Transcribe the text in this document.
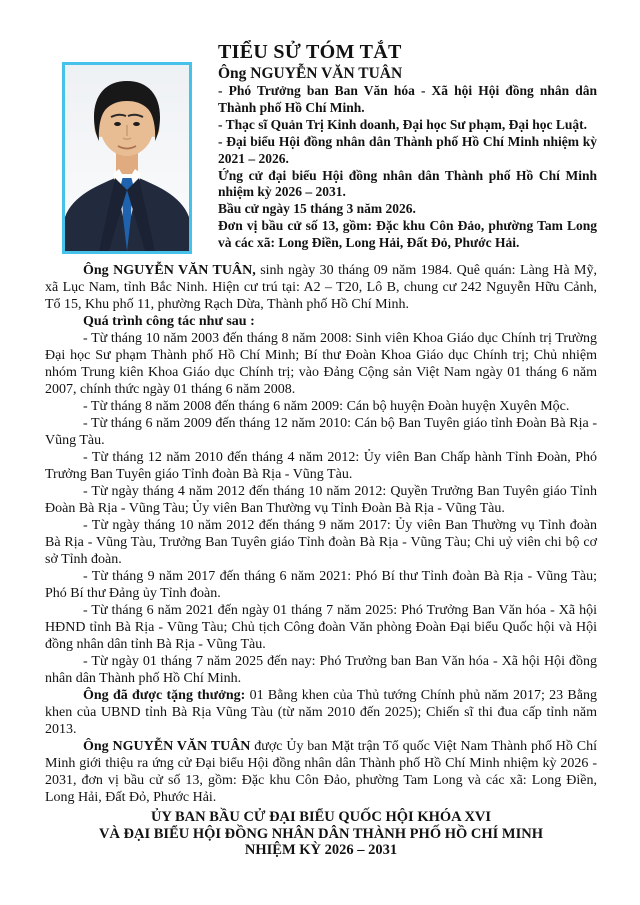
TIỂU SỬ TÓM TẮT
Ông NGUYỄN VĂN TUÂN
- Phó Trưởng ban Ban Văn hóa - Xã hội Hội đồng nhân dân Thành phố Hồ Chí Minh.
- Thạc sĩ Quản Trị Kinh doanh, Đại học Sư phạm, Đại học Luật.
- Đại biểu Hội đồng nhân dân Thành phố Hồ Chí Minh nhiệm kỳ 2021 – 2026.
Ứng cử đại biểu Hội đồng nhân dân Thành phố Hồ Chí Minh nhiệm kỳ 2026 – 2031.
Bầu cử ngày 15 tháng 3 năm 2026.
Đơn vị bầu cử số 13, gồm: Đặc khu Côn Đảo, phường Tam Long và các xã: Long Điền, Long Hải, Đất Đỏ, Phước Hải.

Ông NGUYỄN VĂN TUÂN, sinh ngày 30 tháng 09 năm 1984. Quê quán: Làng Hà Mỹ, xã Lục Nam, tỉnh Bắc Ninh. Hiện cư trú tại: A2 – T20, Lô B, chung cư 242 Nguyễn Hữu Cảnh, Tổ 15, Khu phố 11, phường Rạch Dừa, Thành phố Hồ Chí Minh.

Quá trình công tác như sau :

- Từ tháng 10 năm 2003 đến tháng 8 năm 2008: Sinh viên Khoa Giáo dục Chính trị Trường Đại học Sư phạm Thành phố Hồ Chí Minh; Bí thư Đoàn Khoa Giáo dục Chính trị; Chủ nhiệm nhóm Trung kiên Khoa Giáo dục Chính trị; vào Đảng Cộng sản Việt Nam ngày 01 tháng 6 năm 2007, chính thức ngày 01 tháng 6 năm 2008.

- Từ tháng 8 năm 2008 đến tháng 6 năm 2009: Cán bộ huyện Đoàn huyện Xuyên Mộc.

- Từ tháng 6 năm 2009 đến tháng 12 năm 2010: Cán bộ Ban Tuyên giáo tỉnh Đoàn Bà Rịa - Vũng Tàu.

- Từ tháng 12 năm 2010 đến tháng 4 năm 2012: Ủy viên Ban Chấp hành Tỉnh Đoàn, Phó Trưởng Ban Tuyên giáo Tỉnh đoàn Bà Rịa - Vũng Tàu.

- Từ ngày tháng 4 năm 2012 đến tháng 10 năm 2012: Quyền Trưởng Ban Tuyên giáo Tỉnh Đoàn Bà Rịa - Vũng Tàu; Ủy viên Ban Thường vụ Tỉnh Đoàn Bà Rịa - Vũng Tàu.

- Từ ngày tháng 10 năm 2012 đến tháng 9 năm 2017: Ủy viên Ban Thường vụ Tỉnh đoàn Bà Rịa - Vũng Tàu, Trưởng Ban Tuyên giáo Tỉnh đoàn Bà Rịa - Vũng Tàu; Chi uỷ viên chi bộ cơ sở Tỉnh đoàn.

- Từ tháng 9 năm 2017 đến tháng 6 năm 2021: Phó Bí thư Tỉnh đoàn Bà Rịa - Vũng Tàu; Phó Bí thư Đảng ủy Tỉnh đoàn.

- Từ tháng 6 năm 2021 đến ngày 01 tháng 7 năm 2025: Phó Trưởng Ban Văn hóa - Xã hội HĐND tỉnh Bà Rịa - Vũng Tàu; Chủ tịch Công đoàn Văn phòng Đoàn Đại biểu Quốc hội và Hội đồng nhân dân tỉnh Bà Rịa - Vũng Tàu.

- Từ ngày 01 tháng 7 năm 2025 đến nay: Phó Trưởng ban Ban Văn hóa - Xã hội Hội đồng nhân dân Thành phố Hồ Chí Minh.

Ông đã được tặng thưởng: 01 Bằng khen của Thủ tướng Chính phủ năm 2017; 23 Bằng khen của UBND tỉnh Bà Rịa Vũng Tàu (từ năm 2010 đến 2025); Chiến sĩ thi đua cấp tỉnh năm 2013.

Ông NGUYỄN VĂN TUÂN được Ủy ban Mặt trận Tổ quốc Việt Nam Thành phố Hồ Chí Minh giới thiệu ra ứng cử Đại biểu Hội đồng nhân dân Thành phố Hồ Chí Minh nhiệm kỳ 2026 - 2031, đơn vị bầu cử số 13, gồm: Đặc khu Côn Đảo, phường Tam Long và các xã: Long Điền, Long Hải, Đất Đỏ, Phước Hải.

ỦY BAN BẦU CỬ ĐẠI BIỂU QUỐC HỘI KHÓA XVI
VÀ ĐẠI BIỂU HỘI ĐỒNG NHÂN DÂN THÀNH PHỐ HỒ CHÍ MINH
NHIỆM KỲ 2026 – 2031
